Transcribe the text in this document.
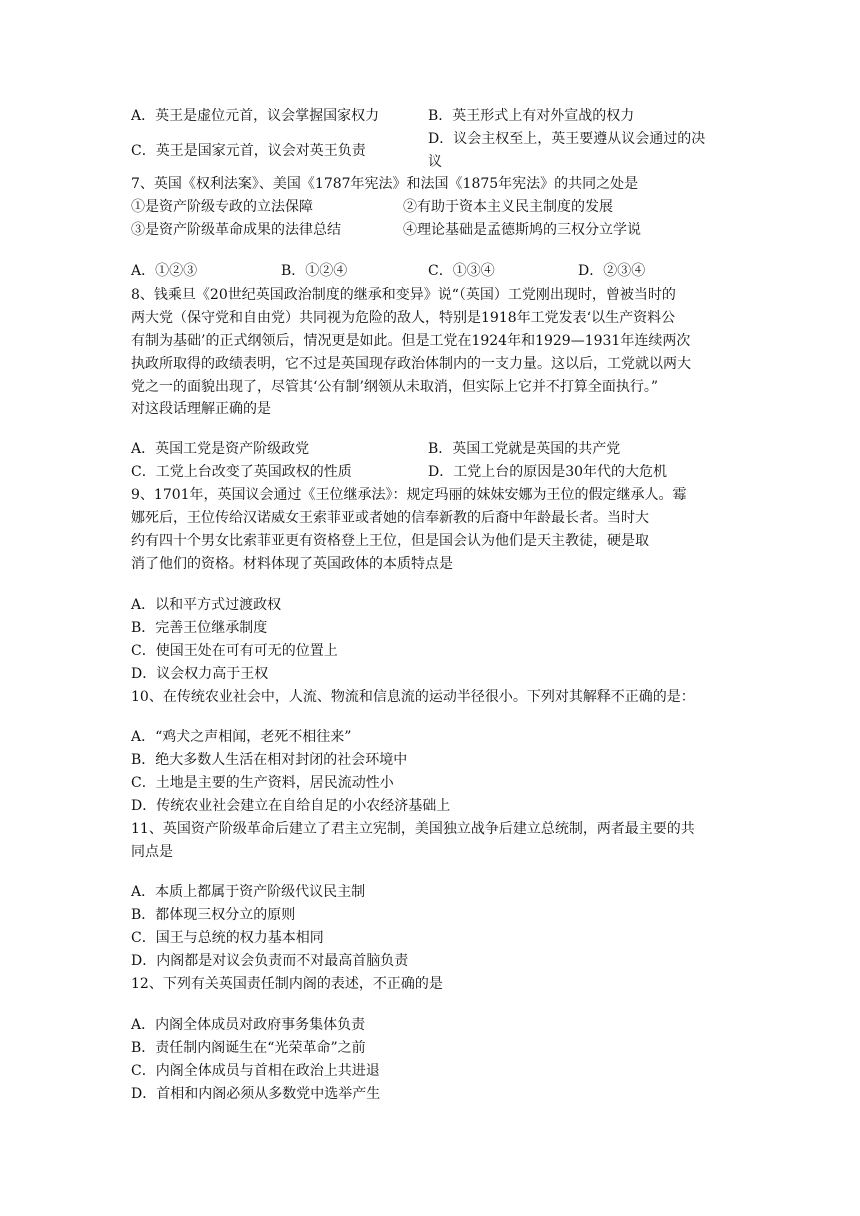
A．英王是虚位元首，议会掌握国家权力	B．英王形式上有对外宣战的权力
C．英王是国家元首，议会对英王负责
D．议会主权至上，英王要遵从议会通过的决
议
7、英国《权利法案》、美国《1787年宪法》和法国《1875年宪法》的共同之处是
①是资产阶级专政的立法保障	②有助于资本主义民主制度的发展
③是资产阶级革命成果的法律总结	④理论基础是孟德斯鸠的三权分立学说
A．①②③	B．①②④	C．①③④	D．②③④
8、钱乘旦《20世纪英国政治制度的继承和变异》说“（英国）工党刚出现时，曾被当时的
两大党（保守党和自由党）共同视为危险的敌人，特别是1918年工党发表‘以生产资料公
有制为基础’的正式纲领后，情况更是如此。但是工党在1924年和1929—1931年连续两次
执政所取得的政绩表明，它不过是英国现存政治体制内的一支力量。这以后，工党就以两大
党之一的面貌出现了，尽管其‘公有制’纲领从未取消，但实际上它并不打算全面执行。”
对这段话理解正确的是
A．英国工党是资产阶级政党	B．英国工党就是英国的共产党
C．工党上台改变了英国政权的性质	D．工党上台的原因是30年代的大危机
9、1701年，英国议会通过《王位继承法》：规定玛丽的妹妹安娜为王位的假定继承人。霉
娜死后，王位传给汉诺威女王索菲亚或者她的信奉新教的后裔中年龄最长者。当时大
约有四十个男女比索菲亚更有资格登上王位，但是国会认为他们是天主教徒，硬是取
消了他们的资格。材料体现了英国政体的本质特点是
A．以和平方式过渡政权
B．完善王位继承制度
C．使国王处在可有可无的位置上
D．议会权力高于王权
10、在传统农业社会中，人流、物流和信息流的运动半径很小。下列对其解释不正确的是：
A．“鸡犬之声相闻，老死不相往来”
B．绝大多数人生活在相对封闭的社会环境中
C．土地是主要的生产资料，居民流动性小
D．传统农业社会建立在自给自足的小农经济基础上
11、英国资产阶级革命后建立了君主立宪制，美国独立战争后建立总统制，两者最主要的共
同点是
A．本质上都属于资产阶级代议民主制
B．都体现三权分立的原则
C．国王与总统的权力基本相同
D．内阁都是对议会负责而不对最高首脑负责
12、下列有关英国责任制内阁的表述，不正确的是
A．内阁全体成员对政府事务集体负责
B．责任制内阁诞生在“光荣革命”之前
C．内阁全体成员与首相在政治上共进退
D．首相和内阁必须从多数党中选举产生
